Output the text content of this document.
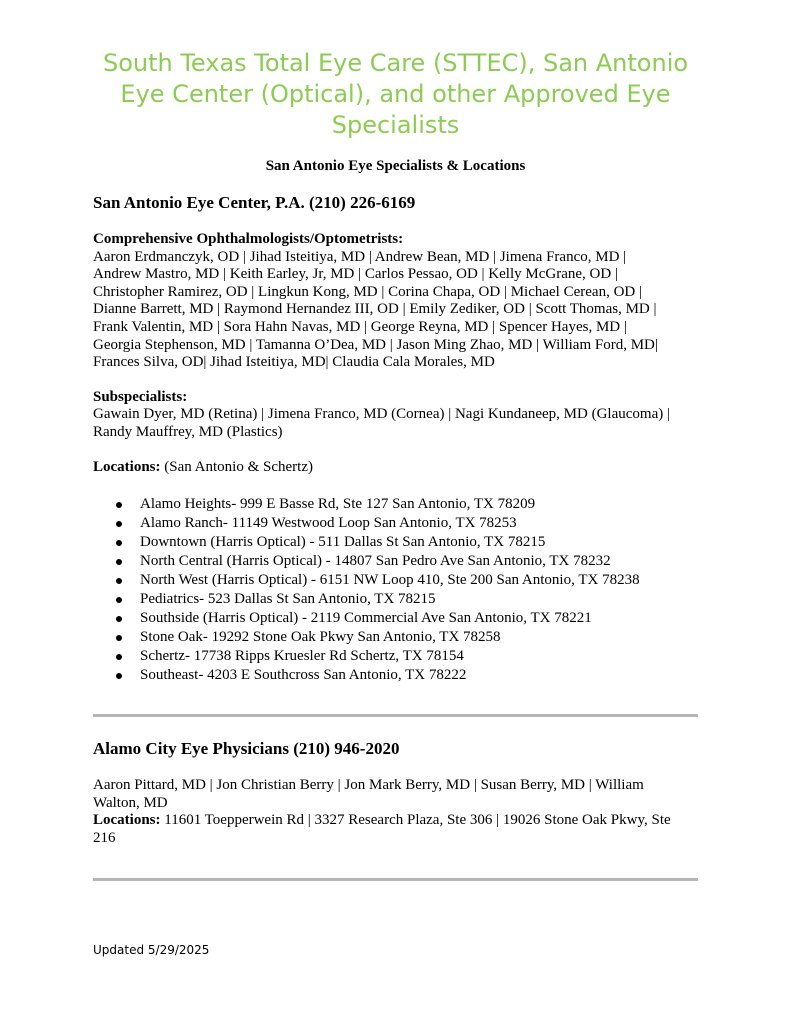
South Texas Total Eye Care (STTEC), San Antonio Eye Center (Optical), and other Approved Eye Specialists
San Antonio Eye Specialists & Locations
San Antonio Eye Center, P.A. (210) 226-6169

Comprehensive Ophthalmologists/Optometrists:

Aaron Erdmanczyk, OD | Jihad Isteitiya, MD | Andrew Bean, MD | Jimena Franco, MD |

Andrew Mastro, MD | Keith Earley, Jr, MD | Carlos Pessao, OD | Kelly McGrane, OD |

Christopher Ramirez, OD | Lingkun Kong, MD | Corina Chapa, OD | Michael Cerean, OD |

Dianne Barrett, MD | Raymond Hernandez III, OD | Emily Zediker, OD | Scott Thomas, MD |

Frank Valentin, MD | Sora Hahn Navas, MD | George Reyna, MD | Spencer Hayes, MD |

Georgia Stephenson, MD | Tamanna O’Dea, MD | Jason Ming Zhao, MD | William Ford, MD|

Frances Silva, OD| Jihad Isteitiya, MD| Claudia Cala Morales, MD

Subspecialists:

Gawain Dyer, MD (Retina) | Jimena Franco, MD (Cornea) | Nagi Kundaneep, MD (Glaucoma) |

Randy Mauffrey, MD (Plastics)

Locations: (San Antonio & Schertz)

Alamo Heights- 999 E Basse Rd, Ste 127 San Antonio, TX 78209
Alamo Ranch- 11149 Westwood Loop San Antonio, TX 78253
Downtown (Harris Optical) - 511 Dallas St San Antonio, TX 78215
North Central (Harris Optical) - 14807 San Pedro Ave San Antonio, TX 78232
North West (Harris Optical) - 6151 NW Loop 410, Ste 200 San Antonio, TX 78238
Pediatrics- 523 Dallas St San Antonio, TX 78215
Southside (Harris Optical) - 2119 Commercial Ave San Antonio, TX 78221
Stone Oak- 19292 Stone Oak Pkwy San Antonio, TX 78258
Schertz- 17738 Ripps Kruesler Rd Schertz, TX 78154
Southeast- 4203 E Southcross San Antonio, TX 78222
Alamo City Eye Physicians (210) 946-2020

Aaron Pittard, MD | Jon Christian Berry | Jon Mark Berry, MD | Susan Berry, MD | William

Walton, MD

Locations: 11601 Toepperwein Rd | 3327 Research Plaza, Ste 306 | 19026 Stone Oak Pkwy, Ste

216

Updated 5/29/2025
